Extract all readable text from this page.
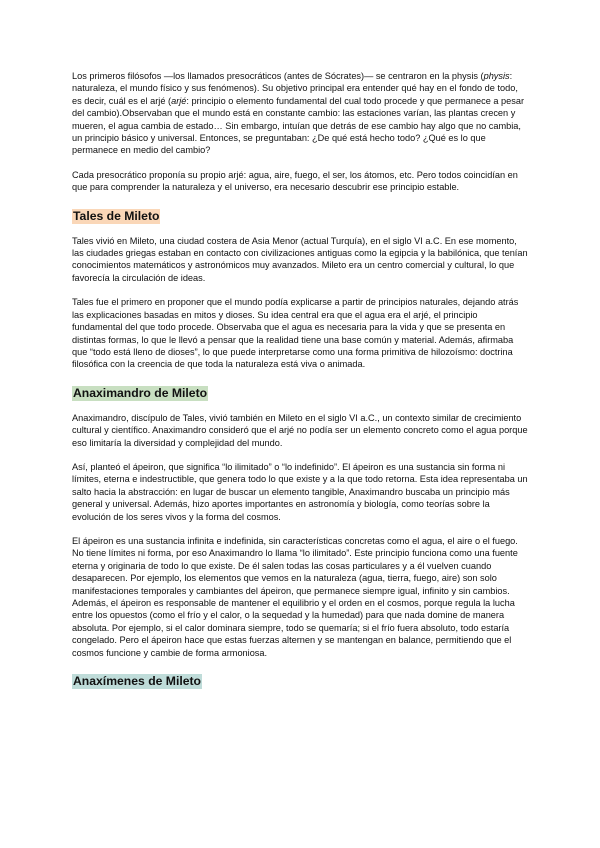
Los primeros filósofos —los llamados presocráticos (antes de Sócrates)— se centraron en la physis (physis: naturaleza, el mundo físico y sus fenómenos). Su objetivo principal era entender qué hay en el fondo de todo, es decir, cuál es el arjé (arjé: principio o elemento fundamental del cual todo procede y que permanece a pesar del cambio).Observaban que el mundo está en constante cambio: las estaciones varían, las plantas crecen y mueren, el agua cambia de estado… Sin embargo, intuían que detrás de ese cambio hay algo que no cambia, un principio básico y universal. Entonces, se preguntaban: ¿De qué está hecho todo? ¿Qué es lo que permanece en medio del cambio?

Cada presocrático proponía su propio arjé: agua, aire, fuego, el ser, los átomos, etc. Pero todos coincidían en que para comprender la naturaleza y el universo, era necesario descubrir ese principio estable.

Tales de Mileto

Tales vivió en Mileto, una ciudad costera de Asia Menor (actual Turquía), en el siglo VI a.C. En ese momento, las ciudades griegas estaban en contacto con civilizaciones antiguas como la egipcia y la babilónica, que tenían conocimientos matemáticos y astronómicos muy avanzados. Mileto era un centro comercial y cultural, lo que favorecía la circulación de ideas.

Tales fue el primero en proponer que el mundo podía explicarse a partir de principios naturales, dejando atrás las explicaciones basadas en mitos y dioses. Su idea central era que el agua era el arjé, el principio fundamental del que todo procede. Observaba que el agua es necesaria para la vida y que se presenta en distintas formas, lo que le llevó a pensar que la realidad tiene una base común y material. Además, afirmaba que “todo está lleno de dioses”, lo que puede interpretarse como una forma primitiva de hilozoísmo: doctrina filosófica con la creencia de que toda la naturaleza está viva o animada.

Anaximandro de Mileto

Anaximandro, discípulo de Tales, vivió también en Mileto en el siglo VI a.C., un contexto similar de crecimiento cultural y científico. Anaximandro consideró que el arjé no podía ser un elemento concreto como el agua porque eso limitaría la diversidad y complejidad del mundo.

Así, planteó el ápeiron, que significa “lo ilimitado” o “lo indefinido”. El ápeiron es una sustancia sin forma ni límites, eterna e indestructible, que genera todo lo que existe y a la que todo retorna. Esta idea representaba un salto hacia la abstracción: en lugar de buscar un elemento tangible, Anaximandro buscaba un principio más general y universal. Además, hizo aportes importantes en astronomía y biología, como teorías sobre la evolución de los seres vivos y la forma del cosmos.

El ápeiron es una sustancia infinita e indefinida, sin características concretas como el agua, el aire o el fuego. No tiene límites ni forma, por eso Anaximandro lo llama “lo ilimitado”. Este principio funciona como una fuente eterna y originaria de todo lo que existe. De él salen todas las cosas particulares y a él vuelven cuando desaparecen. Por ejemplo, los elementos que vemos en la naturaleza (agua, tierra, fuego, aire) son solo manifestaciones temporales y cambiantes del ápeiron, que permanece siempre igual, infinito y sin cambios. Además, el ápeiron es responsable de mantener el equilibrio y el orden en el cosmos, porque regula la lucha entre los opuestos (como el frío y el calor, o la sequedad y la humedad) para que nada domine de manera absoluta. Por ejemplo, si el calor dominara siempre, todo se quemaría; si el frío fuera absoluto, todo estaría congelado. Pero el ápeiron hace que estas fuerzas alternen y se mantengan en balance, permitiendo que el cosmos funcione y cambie de forma armoniosa.

Anaxímenes de Mileto
